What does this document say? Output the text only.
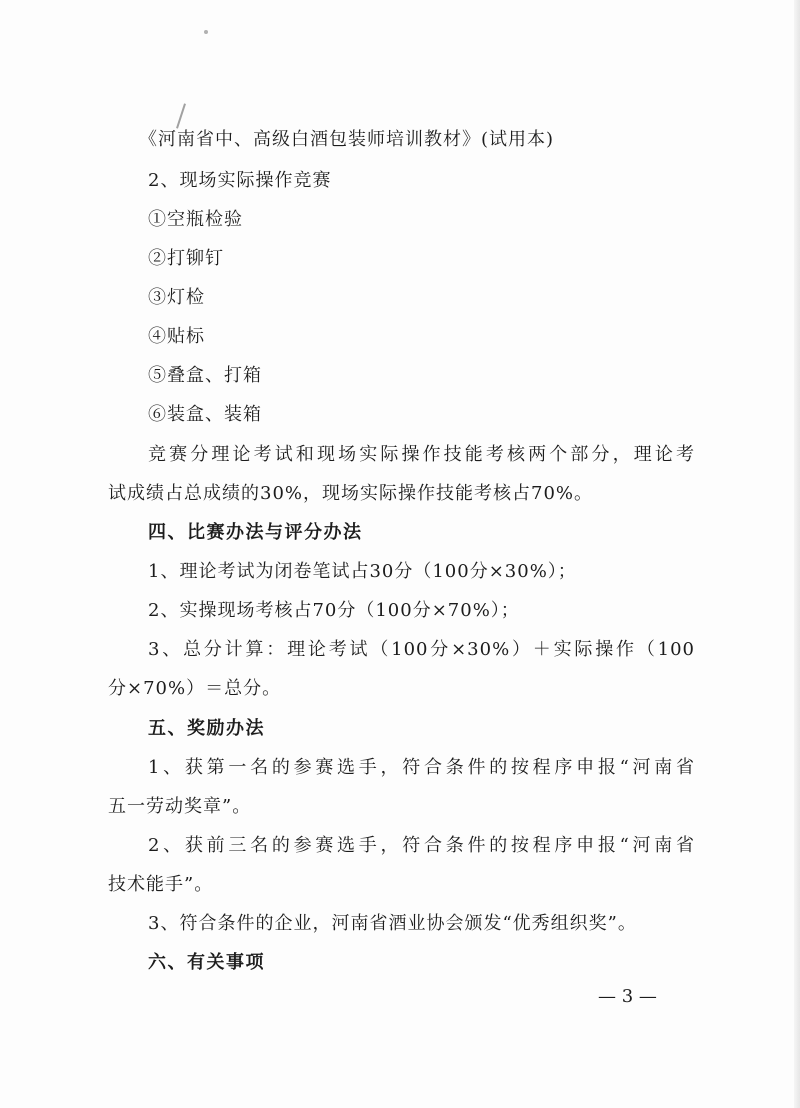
《河南省中、高级白酒包装师培训教材》(试用本)
2、现场实际操作竞赛
①空瓶检验
②打铆钉
③灯检
④贴标
⑤叠盒、打箱
⑥装盒、装箱
竞赛分理论考试和现场实际操作技能考核两个部分，理论考
试成绩占总成绩的30%，现场实际操作技能考核占70%。
四、比赛办法与评分办法
1、理论考试为闭卷笔试占30分（100分×30%）；
2、实操现场考核占70分（100分×70%）；
3、总分计算：理论考试（100分×30%）＋实际操作（100
分×70%）＝总分。
五、奖励办法
1、获第一名的参赛选手，符合条件的按程序申报“河南省
五一劳动奖章”。
2、获前三名的参赛选手，符合条件的按程序申报“河南省
技术能手”。
3、符合条件的企业，河南省酒业协会颁发“优秀组织奖”。
六、有关事项
— 3 —
